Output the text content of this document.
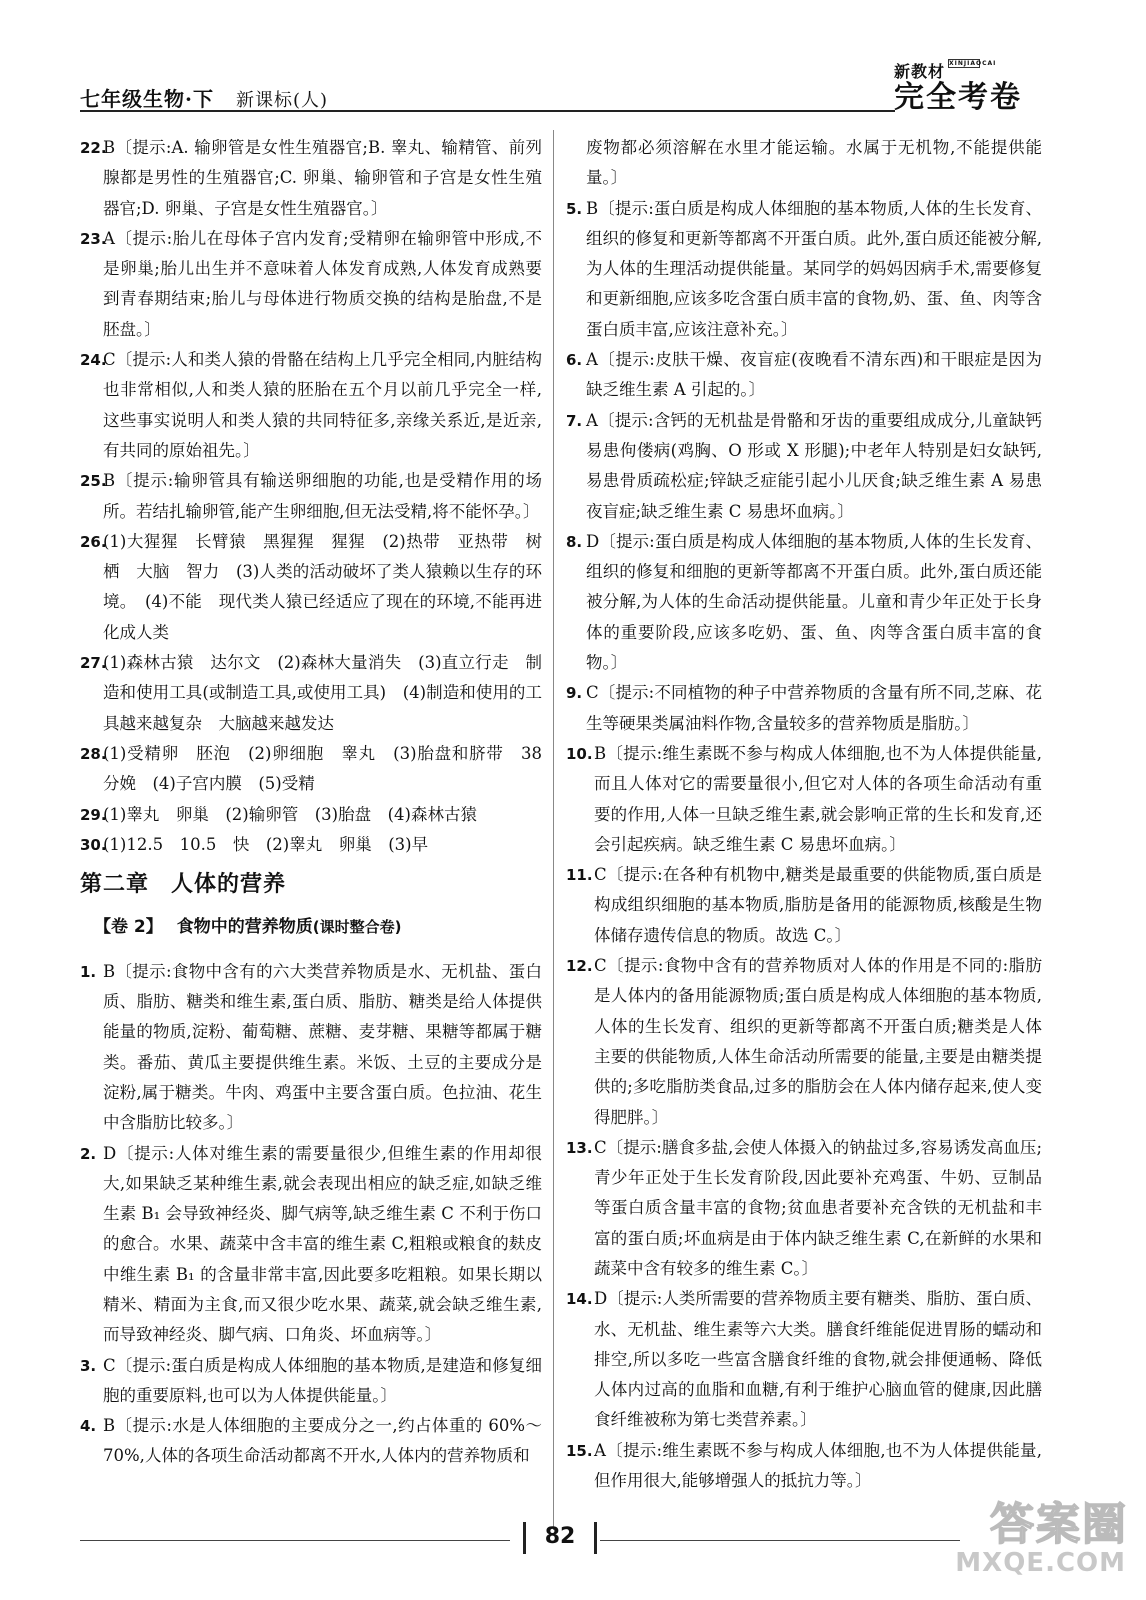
七年级生物·下 新课标(人)
新教材 XINJIAOCAI
完全考卷
22.
B〔提示:A. 输卵管是女性生殖器官;B. 睾丸、输精管、前列腺都是男性的生殖器官;C. 卵巢、输卵管和子宫是女性生殖器官;D. 卵巢、子宫是女性生殖器官。〕
23.
A〔提示:胎儿在母体子宫内发育;受精卵在输卵管中形成,不是卵巢;胎儿出生并不意味着人体发育成熟,人体发育成熟要到青春期结束;胎儿与母体进行物质交换的结构是胎盘,不是胚盘。〕
24.
C〔提示:人和类人猿的骨骼在结构上几乎完全相同,内脏结构也非常相似,人和类人猿的胚胎在五个月以前几乎完全一样,这些事实说明人和类人猿的共同特征多,亲缘关系近,是近亲,有共同的原始祖先。〕
25.
B〔提示:输卵管具有输送卵细胞的功能,也是受精作用的场所。若结扎输卵管,能产生卵细胞,但无法受精,将不能怀孕。〕
26.
(1)大猩猩　长臂猿　黑猩猩　猩猩　(2)热带　亚热带　树栖　大脑　智力　(3)人类的活动破坏了类人猿赖以生存的环境。　(4)不能　现代类人猿已经适应了现在的环境,不能再进化成人类
27.
(1)森林古猿　达尔文　(2)森林大量消失　(3)直立行走　制造和使用工具(或制造工具,或使用工具)　(4)制造和使用的工具越来越复杂　大脑越来越发达
28.
(1)受精卵　胚泡　(2)卵细胞　睾丸　(3)胎盘和脐带　38　分娩　(4)子宫内膜　(5)受精
29.
(1)睾丸　卵巢　(2)输卵管　(3)胎盘　(4)森林古猿
30.
(1)12.5　10.5　快　(2)睾丸　卵巢　(3)早
第二章 人体的营养
【卷 2】 食物中的营养物质(课时整合卷)
1. B〔提示:食物中含有的六大类营养物质是水、无机盐、蛋白质、脂肪、糖类和维生素,蛋白质、脂肪、糖类是给人体提供能量的物质,淀粉、葡萄糖、蔗糖、麦芽糖、果糖等都属于糖类。番茄、黄瓜主要提供维生素。米饭、土豆的主要成分是淀粉,属于糖类。牛肉、鸡蛋中主要含蛋白质。色拉油、花生中含脂肪比较多。〕
2. D〔提示:人体对维生素的需要量很少,但维生素的作用却很大,如果缺乏某种维生素,就会表现出相应的缺乏症,如缺乏维生素 B₁ 会导致神经炎、脚气病等,缺乏维生素 C 不利于伤口的愈合。水果、蔬菜中含丰富的维生素 C,粗粮或粮食的麸皮中维生素 B₁ 的含量非常丰富,因此要多吃粗粮。如果长期以精米、精面为主食,而又很少吃水果、蔬菜,就会缺乏维生素,而导致神经炎、脚气病、口角炎、坏血病等。〕
3. C〔提示:蛋白质是构成人体细胞的基本物质,是建造和修复细胞的重要原料,也可以为人体提供能量。〕
4. B〔提示:水是人体细胞的主要成分之一,约占体重的 60%～70%,人体的各项生命活动都离不开水,人体内的营养物质和
废物都必须溶解在水里才能运输。水属于无机物,不能提供能量。〕
5. B〔提示:蛋白质是构成人体细胞的基本物质,人体的生长发育、组织的修复和更新等都离不开蛋白质。此外,蛋白质还能被分解,为人体的生理活动提供能量。某同学的妈妈因病手术,需要修复和更新细胞,应该多吃含蛋白质丰富的食物,奶、蛋、鱼、肉等含蛋白质丰富,应该注意补充。〕
6. A〔提示:皮肤干燥、夜盲症(夜晚看不清东西)和干眼症是因为缺乏维生素 A 引起的。〕
7. A〔提示:含钙的无机盐是骨骼和牙齿的重要组成成分,儿童缺钙易患佝偻病(鸡胸、O 形或 X 形腿);中老年人特别是妇女缺钙,易患骨质疏松症;锌缺乏症能引起小儿厌食;缺乏维生素 A 易患夜盲症;缺乏维生素 C 易患坏血病。〕
8. D〔提示:蛋白质是构成人体细胞的基本物质,人体的生长发育、组织的修复和细胞的更新等都离不开蛋白质。此外,蛋白质还能被分解,为人体的生命活动提供能量。儿童和青少年正处于长身体的重要阶段,应该多吃奶、蛋、鱼、肉等含蛋白质丰富的食物。〕
9. C〔提示:不同植物的种子中营养物质的含量有所不同,芝麻、花生等硬果类属油料作物,含量较多的营养物质是脂肪。〕
10. B〔提示:维生素既不参与构成人体细胞,也不为人体提供能量,而且人体对它的需要量很小,但它对人体的各项生命活动有重要的作用,人体一旦缺乏维生素,就会影响正常的生长和发育,还会引起疾病。缺乏维生素 C 易患坏血病。〕
11. C〔提示:在各种有机物中,糖类是最重要的供能物质,蛋白质是构成组织细胞的基本物质,脂肪是备用的能源物质,核酸是生物体储存遗传信息的物质。故选 C。〕
12. C〔提示:食物中含有的营养物质对人体的作用是不同的:脂肪是人体内的备用能源物质;蛋白质是构成人体细胞的基本物质,人体的生长发育、组织的更新等都离不开蛋白质;糖类是人体主要的供能物质,人体生命活动所需要的能量,主要是由糖类提供的;多吃脂肪类食品,过多的脂肪会在人体内储存起来,使人变得肥胖。〕
13. C〔提示:膳食多盐,会使人体摄入的钠盐过多,容易诱发高血压;青少年正处于生长发育阶段,因此要补充鸡蛋、牛奶、豆制品等蛋白质含量丰富的食物;贫血患者要补充含铁的无机盐和丰富的蛋白质;坏血病是由于体内缺乏维生素 C,在新鲜的水果和蔬菜中含有较多的维生素 C。〕
14. D〔提示:人类所需要的营养物质主要有糖类、脂肪、蛋白质、水、无机盐、维生素等六大类。膳食纤维能促进胃肠的蠕动和排空,所以多吃一些富含膳食纤维的食物,就会排便通畅、降低人体内过高的血脂和血糖,有利于维护心脑血管的健康,因此膳食纤维被称为第七类营养素。〕
15. A〔提示:维生素既不参与构成人体细胞,也不为人体提供能量,但作用很大,能够增强人的抵抗力等。〕
82	答案圈
MXQE.COM
